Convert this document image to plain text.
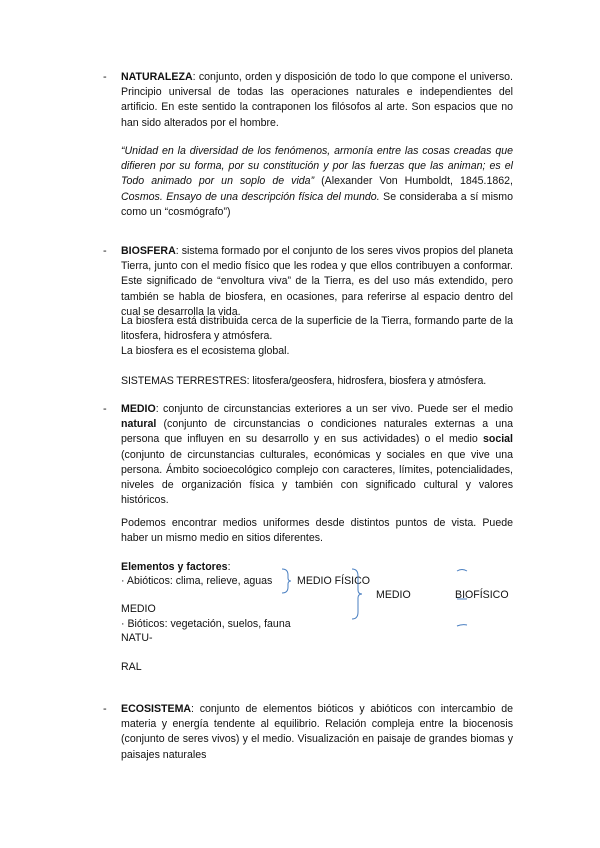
- NATURALEZA: conjunto, orden y disposición de todo lo que compone el universo. Principio universal de todas las operaciones naturales e independientes del artificio. En este sentido la contraponen los filósofos al arte. Son espacios que no han sido alterados por el hombre.
“Unidad en la diversidad de los fenómenos, armonía entre las cosas creadas que difieren por su forma, por su constitución y por las fuerzas que las animan; es el Todo animado por un soplo de vida” (Alexander Von Humboldt, 1845.1862, Cosmos. Ensayo de una descripción física del mundo. Se consideraba a sí mismo como un “cosmógrafo”)
- BIOSFERA: sistema formado por el conjunto de los seres vivos propios del planeta Tierra, junto con el medio físico que les rodea y que ellos contribuyen a conformar. Este significado de “envoltura viva” de la Tierra, es del uso más extendido, pero también se habla de biosfera, en ocasiones, para referirse al espacio dentro del cual se desarrolla la vida.
La biosfera está distribuida cerca de la superficie de la Tierra, formando parte de la litosfera, hidrosfera y atmósfera.
La biosfera es el ecosistema global.
SISTEMAS TERRESTRES: litosfera/geosfera, hidrosfera, biosfera y atmósfera.
- MEDIO: conjunto de circunstancias exteriores a un ser vivo. Puede ser el medio natural (conjunto de circunstancias o condiciones naturales externas a una persona que influyen en su desarrollo y en sus actividades) o el medio social (conjunto de circunstancias culturales, económicas y sociales en que vive una persona. Ámbito socioecológico complejo con caracteres, límites, potencialidades, niveles de organización física y también con significado cultural y valores históricos.
Podemos encontrar medios uniformes desde distintos puntos de vista. Puede haber un mismo medio en sitios diferentes.
Elementos y factores:
· Abióticos: clima, relieve, aguas MEDIO FÍSICO
MEDIO	BIOFÍSICO
MEDIO
· Bióticos: vegetación, suelos, fauna
NATU-
RAL
- ECOSISTEMA: conjunto de elementos bióticos y abióticos con intercambio de materia y energía tendente al equilibrio. Relación compleja entre la biocenosis (conjunto de seres vivos) y el medio. Visualización en paisaje de grandes biomas y paisajes naturales
